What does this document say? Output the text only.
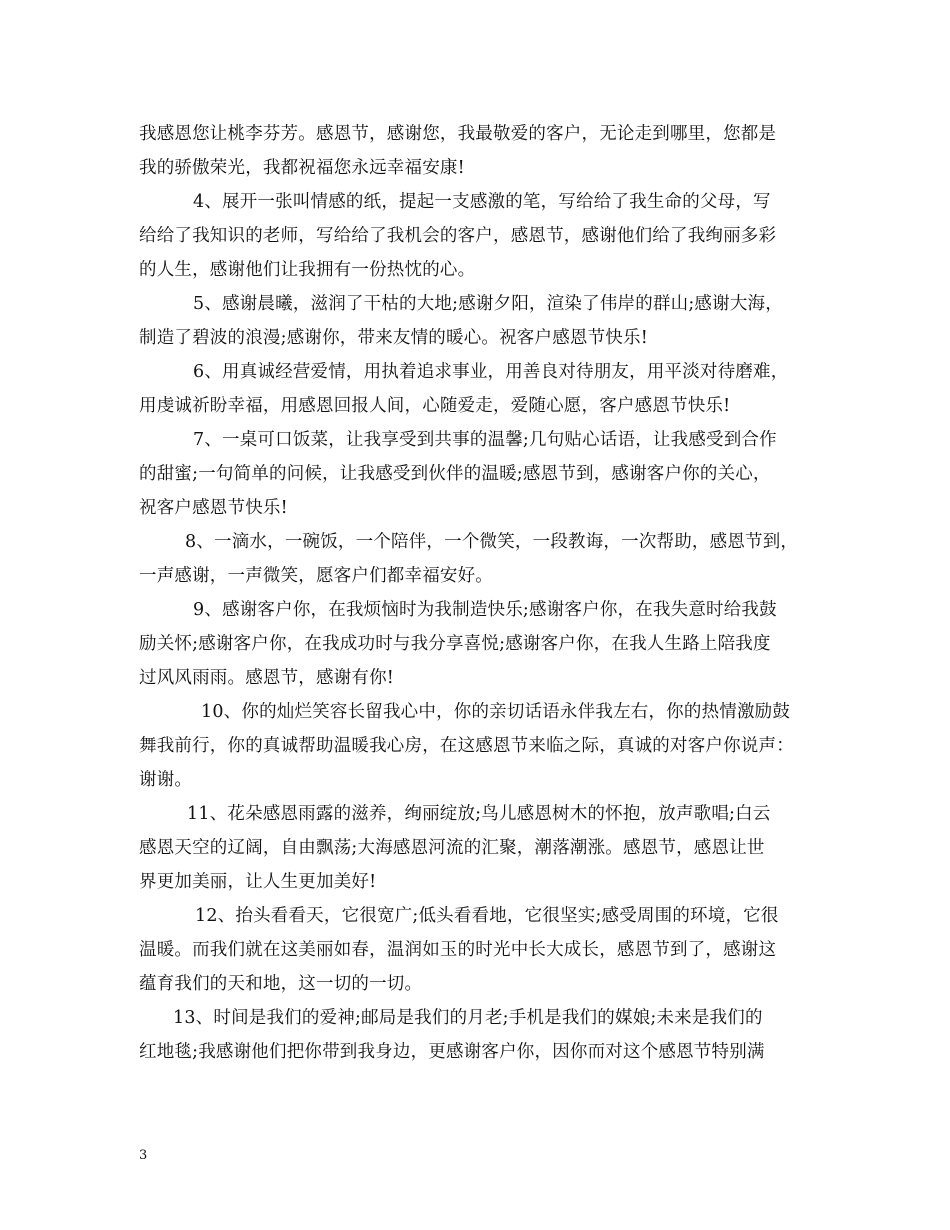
我感恩您让桃李芬芳。感恩节，感谢您，我最敬爱的客户，无论走到哪里，您都是
我的骄傲荣光，我都祝福您永远幸福安康!
4、展开一张叫情感的纸，提起一支感激的笔，写给给了我生命的父母，写
给给了我知识的老师，写给给了我机会的客户，感恩节，感谢他们给了我绚丽多彩
的人生，感谢他们让我拥有一份热忱的心。
5、感谢晨曦，滋润了干枯的大地;感谢夕阳，渲染了伟岸的群山;感谢大海，
制造了碧波的浪漫;感谢你，带来友情的暖心。祝客户感恩节快乐!
6、用真诚经营爱情，用执着追求事业，用善良对待朋友，用平淡对待磨难，
用虔诚祈盼幸福，用感恩回报人间，心随爱走，爱随心愿，客户感恩节快乐!
7、一桌可口饭菜，让我享受到共事的温馨;几句贴心话语，让我感受到合作
的甜蜜;一句简单的问候，让我感受到伙伴的温暖;感恩节到，感谢客户你的关心，
祝客户感恩节快乐!
8、一滴水，一碗饭，一个陪伴，一个微笑，一段教诲，一次帮助，感恩节到，
一声感谢，一声微笑，愿客户们都幸福安好。
9、感谢客户你，在我烦恼时为我制造快乐;感谢客户你，在我失意时给我鼓
励关怀;感谢客户你，在我成功时与我分享喜悦;感谢客户你，在我人生路上陪我度
过风风雨雨。感恩节，感谢有你!
10、你的灿烂笑容长留我心中，你的亲切话语永伴我左右，你的热情激励鼓
舞我前行，你的真诚帮助温暖我心房，在这感恩节来临之际，真诚的对客户你说声：
谢谢。
11、花朵感恩雨露的滋养，绚丽绽放;鸟儿感恩树木的怀抱，放声歌唱;白云
感恩天空的辽阔，自由飘荡;大海感恩河流的汇聚，潮落潮涨。感恩节，感恩让世
界更加美丽，让人生更加美好!
12、抬头看看天，它很宽广;低头看看地，它很坚实;感受周围的环境，它很
温暖。而我们就在这美丽如春，温润如玉的时光中长大成长，感恩节到了，感谢这
蕴育我们的天和地，这一切的一切。
13、时间是我们的爱神;邮局是我们的月老;手机是我们的媒娘;未来是我们的
红地毯;我感谢他们把你带到我身边，更感谢客户你，因你而对这个感恩节特别满
3
